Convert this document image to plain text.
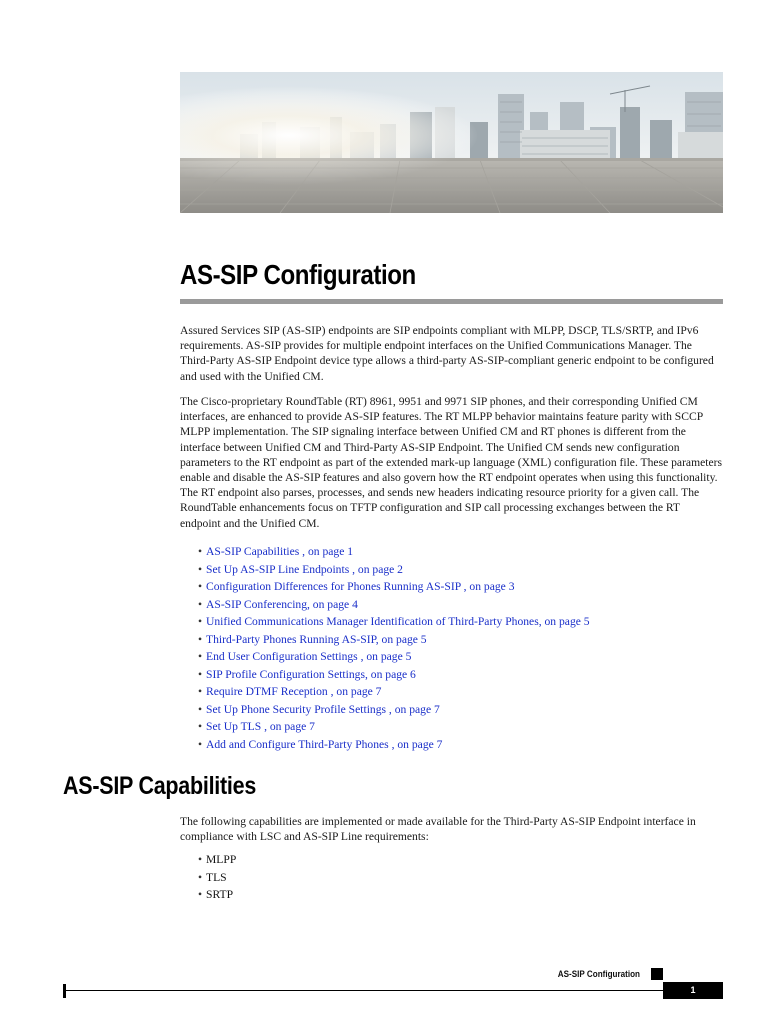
AS-SIP Configuration

Assured Services SIP (AS-SIP) endpoints are SIP endpoints compliant with MLPP, DSCP, TLS/SRTP, and IPv6 requirements. AS-SIP provides for multiple endpoint interfaces on the Unified Communications Manager. The Third-Party AS-SIP Endpoint device type allows a third-party AS-SIP-compliant generic endpoint to be configured and used with the Unified CM.

The Cisco-proprietary RoundTable (RT) 8961, 9951 and 9971 SIP phones, and their corresponding Unified CM interfaces, are enhanced to provide AS-SIP features. The RT MLPP behavior maintains feature parity with SCCP MLPP implementation. The SIP signaling interface between Unified CM and RT phones is different from the interface between Unified CM and Third-Party AS-SIP Endpoint. The Unified CM sends new configuration parameters to the RT endpoint as part of the extended mark-up language (XML) configuration file. These parameters enable and disable the AS-SIP features and also govern how the RT endpoint operates when using this functionality. The RT endpoint also parses, processes, and sends new headers indicating resource priority for a given call. The RoundTable enhancements focus on TFTP configuration and SIP call processing exchanges between the RT endpoint and the Unified CM.

• AS-SIP Capabilities , on page 1
• Set Up AS-SIP Line Endpoints , on page 2
• Configuration Differences for Phones Running AS-SIP , on page 3
• AS-SIP Conferencing, on page 4
• Unified Communications Manager Identification of Third-Party Phones, on page 5
• Third-Party Phones Running AS-SIP, on page 5
• End User Configuration Settings , on page 5
• SIP Profile Configuration Settings, on page 6
• Require DTMF Reception , on page 7
• Set Up Phone Security Profile Settings , on page 7
• Set Up TLS , on page 7
• Add and Configure Third-Party Phones , on page 7
AS-SIP Capabilities

The following capabilities are implemented or made available for the Third-Party AS-SIP Endpoint interface in compliance with LSC and AS-SIP Line requirements:

• MLPP
• TLS
• SRTP
AS-SIP Configuration
1
